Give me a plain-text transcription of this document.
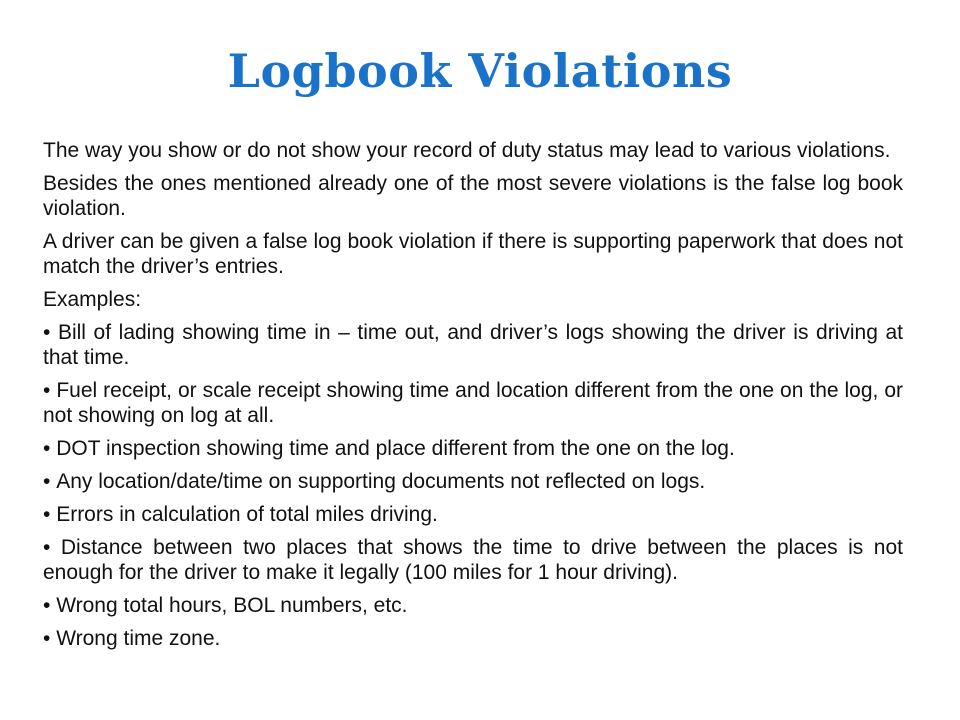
Logbook Violations

The way you show or do not show your record of duty status may lead to various violations.

Besides the ones mentioned already one of the most severe violations is the false log book violation.

A driver can be given a false log book violation if there is supporting paperwork that does not match the driver’s entries.

Examples:

• Bill of lading showing time in – time out, and driver’s logs showing the driver is driving at that time.

• Fuel receipt, or scale receipt showing time and location different from the one on the log, or not showing on log at all.

• DOT inspection showing time and place different from the one on the log.

• Any location/date/time on supporting documents not reflected on logs.

• Errors in calculation of total miles driving.

• Distance between two places that shows the time to drive between the places is not enough for the driver to make it legally (100 miles for 1 hour driving).

• Wrong total hours, BOL numbers, etc.

• Wrong time zone.
